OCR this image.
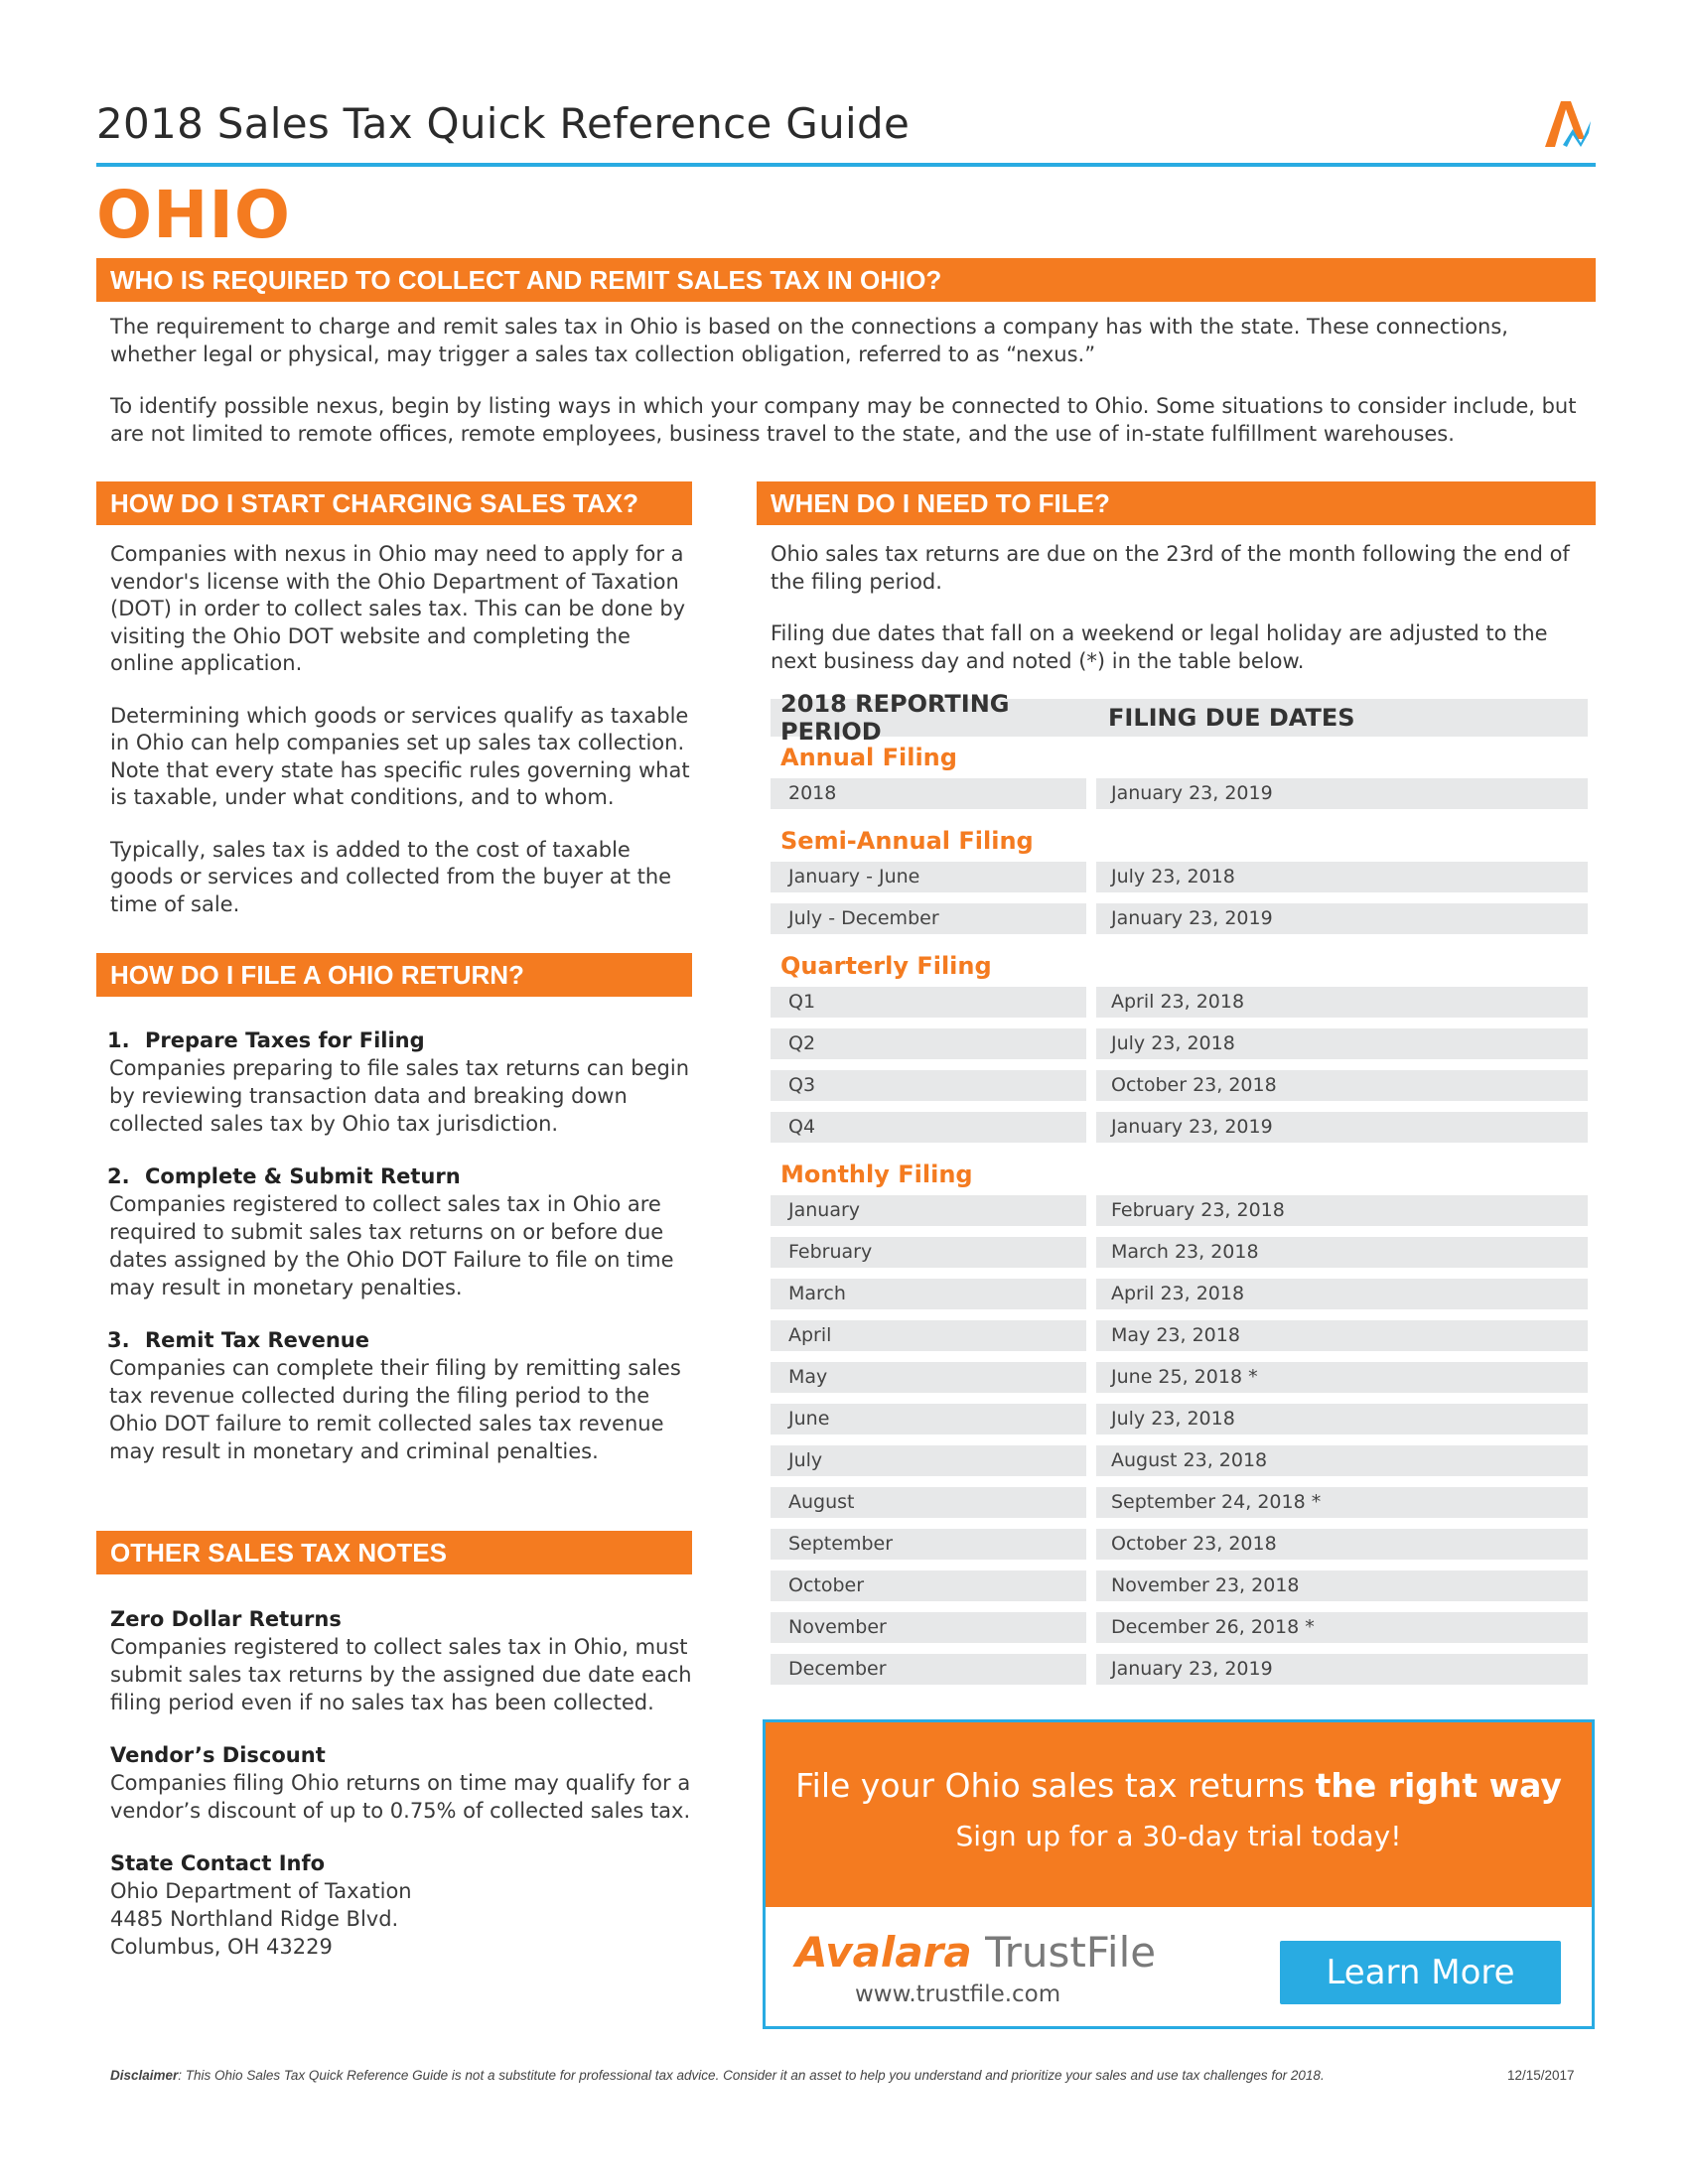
2018 Sales Tax Quick Reference Guide
OHIO
WHO IS REQUIRED TO COLLECT AND REMIT SALES TAX IN OHIO?

The requirement to charge and remit sales tax in Ohio is based on the connections a company has with the state. These connections, whether legal or physical, may trigger a sales tax collection obligation, referred to as “nexus.”

To identify possible nexus, begin by listing ways in which your company may be connected to Ohio. Some situations to consider include, but are not limited to remote offices, remote employees, business travel to the state, and the use of in-state fulfillment warehouses.

HOW DO I START CHARGING SALES TAX?

Companies with nexus in Ohio may need to apply for a vendor's license with the Ohio Department of Taxation (DOT) in order to collect sales tax. This can be done by visiting the Ohio DOT website and completing the online application.

Determining which goods or services qualify as taxable in Ohio can help companies set up sales tax collection. Note that every state has specific rules governing what is taxable, under what conditions, and to whom.

Typically, sales tax is added to the cost of taxable goods or services and collected from the buyer at the time of sale.

HOW DO I FILE A OHIO RETURN?
1. Prepare Taxes for Filing
Companies preparing to file sales tax returns can begin by reviewing transaction data and breaking down collected sales tax by Ohio tax jurisdiction.
2. Complete & Submit Return
Companies registered to collect sales tax in Ohio are required to submit sales tax returns on or before due dates assigned by the Ohio DOT Failure to file on time may result in monetary penalties.
3. Remit Tax Revenue
Companies can complete their filing by remitting sales tax revenue collected during the filing period to the Ohio DOT failure to remit collected sales tax revenue may result in monetary and criminal penalties.
OTHER SALES TAX NOTES
Zero Dollar Returns
Companies registered to collect sales tax in Ohio, must submit sales tax returns by the assigned due date each filing period even if no sales tax has been collected.
Vendor’s Discount
Companies filing Ohio returns on time may qualify for a vendor’s discount of up to 0.75% of collected sales tax.
State Contact Info
Ohio Department of Taxation
4485 Northland Ridge Blvd.
Columbus, OH 43229
WHEN DO I NEED TO FILE?

Ohio sales tax returns are due on the 23rd of the month following the end of the filing period.

Filing due dates that fall on a weekend or legal holiday are adjusted to the next business day and noted (*) in the table below.

2018 REPORTING PERIOD	FILING DUE DATES
Annual Filing
2018	January 23, 2019
Semi-Annual Filing
January - June	July 23, 2018
July - December	January 23, 2019
Quarterly Filing
Q1	April 23, 2018
Q2	July 23, 2018
Q3	October 23, 2018
Q4	January 23, 2019
Monthly Filing
January	February 23, 2018
February	March 23, 2018
March	April 23, 2018
April	May 23, 2018
May	June 25, 2018 *
June	July 23, 2018
July	August 23, 2018
August	September 24, 2018 *
September	October 23, 2018
October	November 23, 2018
November	December 26, 2018 *
December	January 23, 2019
File your Ohio sales tax returns the right way
Sign up for a 30-day trial today!
Avalara TrustFile
www.trustfile.com
Learn More
Disclaimer: This Ohio Sales Tax Quick Reference Guide is not a substitute for professional tax advice. Consider it an asset to help you understand and prioritize your sales and use tax challenges for 2018.	12/15/2017
